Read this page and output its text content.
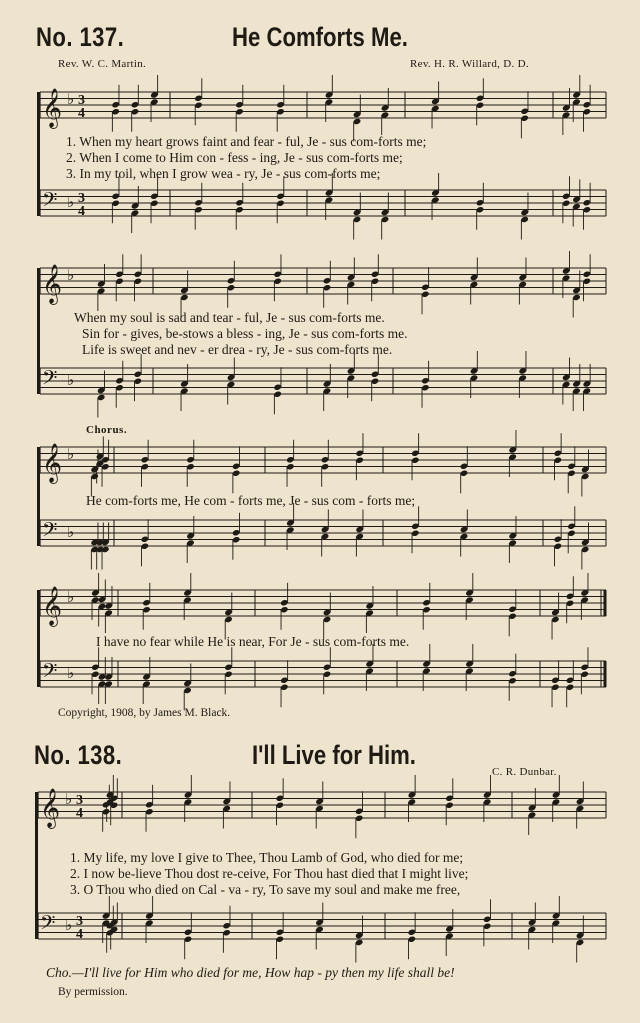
𝄞 ♭ 3
4
𝄢 ♭ 3
4
𝄞 ♭
𝄢 ♭
𝄞 ♭
𝄢 ♭
𝄞 ♭
𝄢 ♭
𝄞 ♭ 3
4
𝄢 ♭ 3
4
No. 137.	He Comforts Me.
Rev. W. C. Martin.	Rev. H. R. Willard, D. D.
1. When my heart grows faint and fear - ful, Je - sus com-forts me;
2. When I come to Him con - fess - ing, Je - sus com-forts me;
3. In my toil, when I grow wea - ry, Je - sus com-forts me;
When my soul is sad and tear - ful, Je - sus com-forts me.
Sin for - gives, be-stows a bless - ing, Je - sus com-forts me.
Life is sweet and nev - er drea - ry, Je - sus com-forts me.
Chorus.
He com-forts me, He com - forts me, Je - sus com - forts me;
I have no fear while He is near, For Je - sus com-forts me.
Copyright, 1908, by James M. Black.
No. 138.	I'll Live for Him.
C. R. Dunbar.
1. My life, my love I give to Thee, Thou Lamb of God, who died for me;
2. I now be-lieve Thou dost re-ceive, For Thou hast died that I might live;
3. O Thou who died on Cal - va - ry, To save my soul and make me free,
Cho.—I'll live for Him who died for me, How hap - py then my life shall be!
By permission.
